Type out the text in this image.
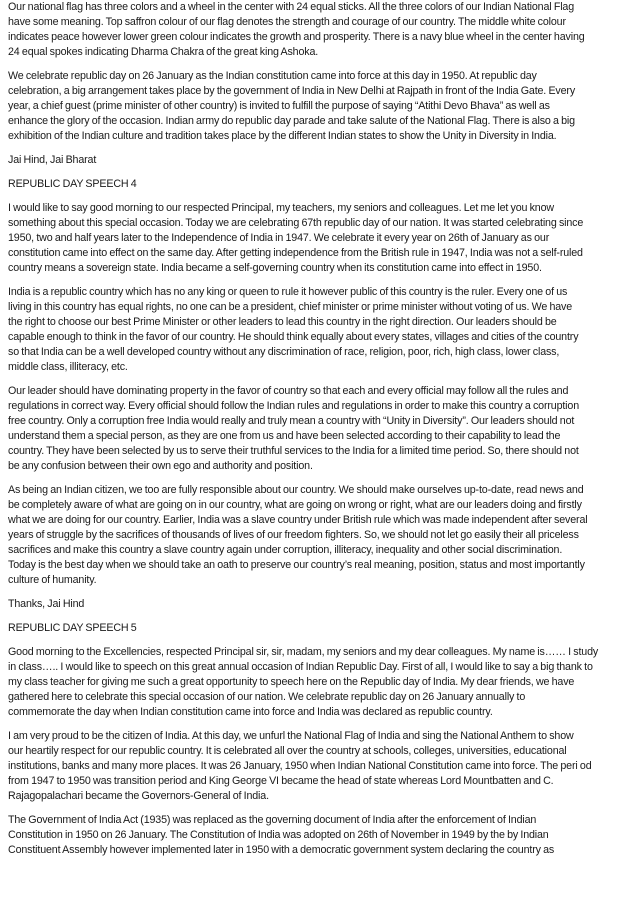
Our national flag has three colors and a wheel in the center with 24 equal sticks. All the three colors of our Indian National Flag
have some meaning. Top saffron colour of our flag denotes the strength and courage of our country. The middle white colour
indicates peace however lower green colour indicates the growth and prosperity. There is a navy blue wheel in the center having
24 equal spokes indicating Dharma Chakra of the great king Ashoka.
We celebrate republic day on 26 January as the Indian constitution came into force at this day in 1950. At republic day
celebration, a big arrangement takes place by the government of India in New Delhi at Rajpath in front of the India Gate. Every
year, a chief guest (prime minister of other country) is invited to fulfill the purpose of saying “Atithi Devo Bhava” as well as
enhance the glory of the occasion. Indian army do republic day parade and take salute of the National Flag. There is also a big
exhibition of the Indian culture and tradition takes place by the different Indian states to show the Unity in Diversity in India.
Jai Hind, Jai Bharat
REPUBLIC DAY SPEECH 4
I would like to say good morning to our respected Principal, my teachers, my seniors and colleagues. Let me let you know
something about this special occasion. Today we are celebrating 67th republic day of our nation. It was started celebrating since
1950, two and half years later to the Independence of India in 1947. We celebrate it every year on 26th of January as our
constitution came into effect on the same day. After getting independence from the British rule in 1947, India was not a self-ruled
country means a sovereign state. India became a self-governing country when its constitution came into effect in 1950.
India is a republic country which has no any king or queen to rule it however public of this country is the ruler. Every one of us
living in this country has equal rights, no one can be a president, chief minister or prime minister without voting of us. We have
the right to choose our best Prime Minister or other leaders to lead this country in the right direction. Our leaders should be
capable enough to think in the favor of our country. He should think equally about every states, villages and cities of the country
so that India can be a well developed country without any discrimination of race, religion, poor, rich, high class, lower class,
middle class, illiteracy, etc.
Our leader should have dominating property in the favor of country so that each and every official may follow all the rules and
regulations in correct way. Every official should follow the Indian rules and regulations in order to make this country a corruption
free country. Only a corruption free India would really and truly mean a country with “Unity in Diversity”. Our leaders should not
understand them a special person, as they are one from us and have been selected according to their capability to lead the
country. They have been selected by us to serve their truthful services to the India for a limited time period. So, there should not
be any confusion between their own ego and authority and position.
As being an Indian citizen, we too are fully responsible about our country. We should make ourselves up-to-date, read news and
be completely aware of what are going on in our country, what are going on wrong or right, what are our leaders doing and firstly
what we are doing for our country. Earlier, India was a slave country under British rule which was made independent after several
years of struggle by the sacrifices of thousands of lives of our freedom fighters. So, we should not let go easily their all priceless
sacrifices and make this country a slave country again under corruption, illiteracy, inequality and other social discrimination.
Today is the best day when we should take an oath to preserve our country’s real meaning, position, status and most importantly
culture of humanity.
Thanks, Jai Hind
REPUBLIC DAY SPEECH 5
Good morning to the Excellencies, respected Principal sir, sir, madam, my seniors and my dear colleagues. My name is…… I study
in class….. I would like to speech on this great annual occasion of Indian Republic Day. First of all, I would like to say a big thank to
my class teacher for giving me such a great opportunity to speech here on the Republic day of India. My dear friends, we have
gathered here to celebrate this special occasion of our nation. We celebrate republic day on 26 January annually to
commemorate the day when Indian constitution came into force and India was declared as republic country.
I am very proud to be the citizen of India. At this day, we unfurl the National Flag of India and sing the National Anthem to show
our heartily respect for our republic country. It is celebrated all over the country at schools, colleges, universities, educational
institutions, banks and many more places. It was 26 January, 1950 when Indian National Constitution came into force. The peri od
from 1947 to 1950 was transition period and King George VI became the head of state whereas Lord Mountbatten and C.
Rajagopalachari became the Governors-General of India.
The Government of India Act (1935) was replaced as the governing document of India after the enforcement of Indian
Constitution in 1950 on 26 January. The Constitution of India was adopted on 26th of November in 1949 by the by Indian
Constituent Assembly however implemented later in 1950 with a democratic government system declaring the country as
